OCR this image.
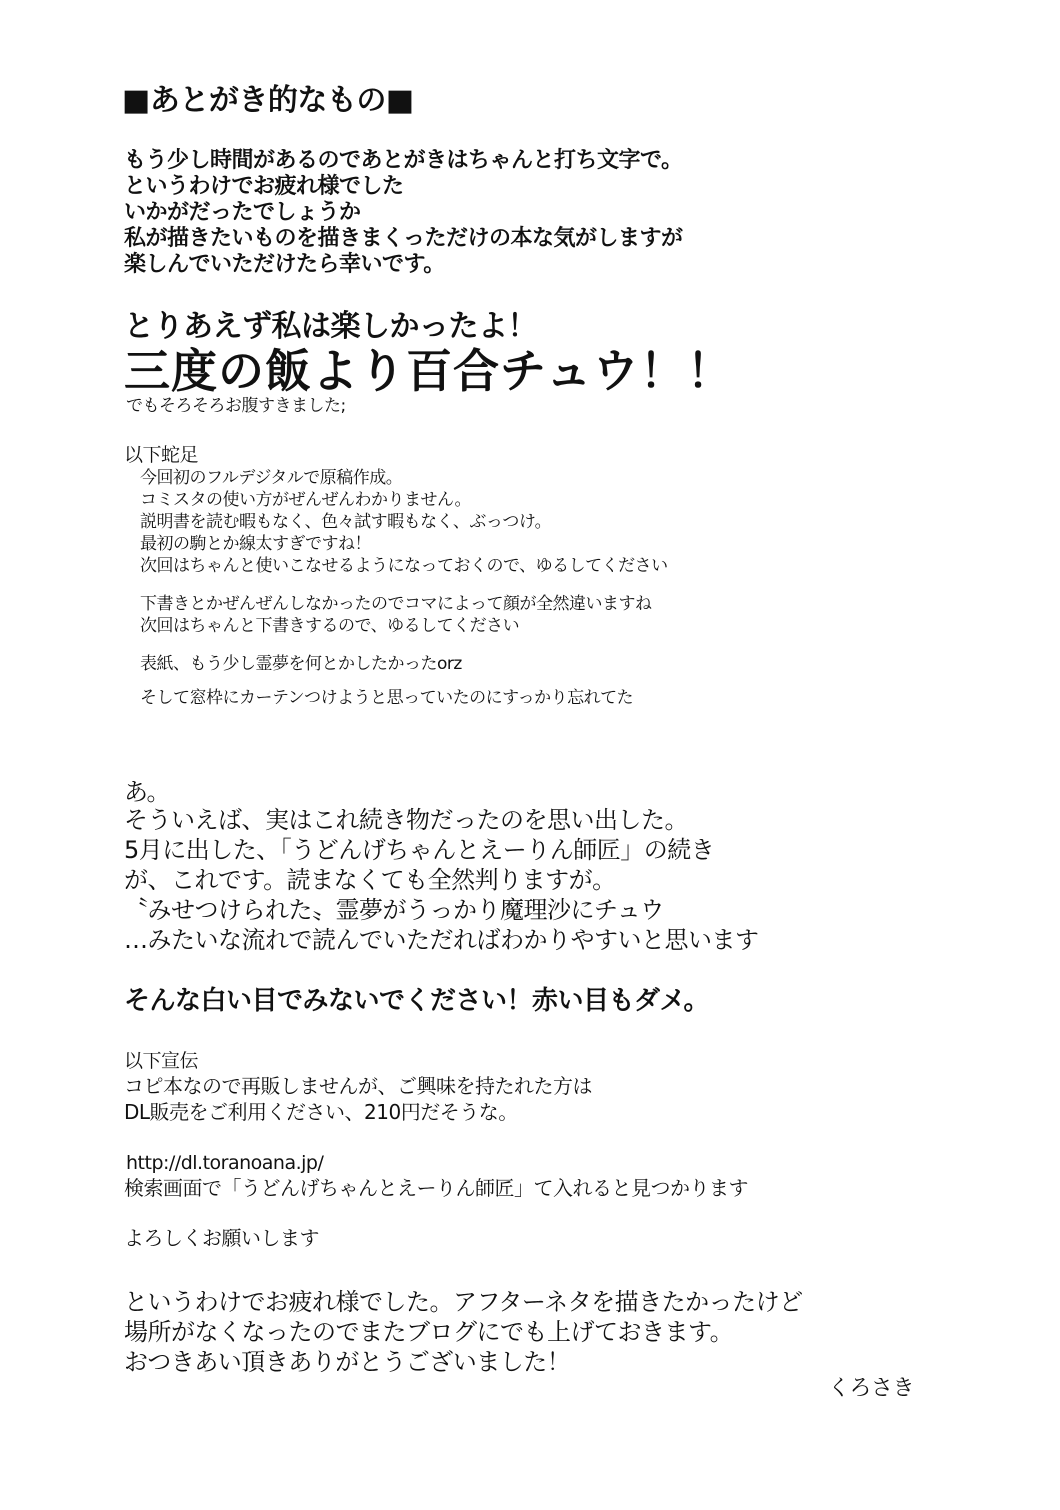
■あとがき的なもの■
もう少し時間があるのであとがきはちゃんと打ち文字で。
というわけでお疲れ様でした
いかがだったでしょうか
私が描きたいものを描きまくっただけの本な気がしますが
楽しんでいただけたら幸いです。
とりあえず私は楽しかったよ！
三度の飯より百合チュウ！！
でもそろそろお腹すきました;
以下蛇足
今回初のフルデジタルで原稿作成。
コミスタの使い方がぜんぜんわかりません。
説明書を読む暇もなく、色々試す暇もなく、ぶっつけ。
最初の駒とか線太すぎですね！
次回はちゃんと使いこなせるようになっておくので、ゆるしてください
下書きとかぜんぜんしなかったのでコマによって顔が全然違いますね
次回はちゃんと下書きするので、ゆるしてください
表紙、もう少し霊夢を何とかしたかったorz
そして窓枠にカーテンつけようと思っていたのにすっかり忘れてた
あ。
そういえば、実はこれ続き物だったのを思い出した。
5月に出した、「うどんげちゃんとえーりん師匠」の続き
が、これです。読まなくても全然判りますが。
〝みせつけられた〟霊夢がうっかり魔理沙にチュウ
…みたいな流れで読んでいただればわかりやすいと思います
そんな白い目でみないでください！赤い目もダメ。
以下宣伝
コピ本なので再販しませんが、ご興味を持たれた方は
DL販売をご利用ください、210円だそうな。
http://dl.toranoana.jp/
検索画面で「うどんげちゃんとえーりん師匠」て入れると見つかります
よろしくお願いします
というわけでお疲れ様でした。アフターネタを描きたかったけど
場所がなくなったのでまたブログにでも上げておきます。
おつきあい頂きありがとうございました！
くろさき
